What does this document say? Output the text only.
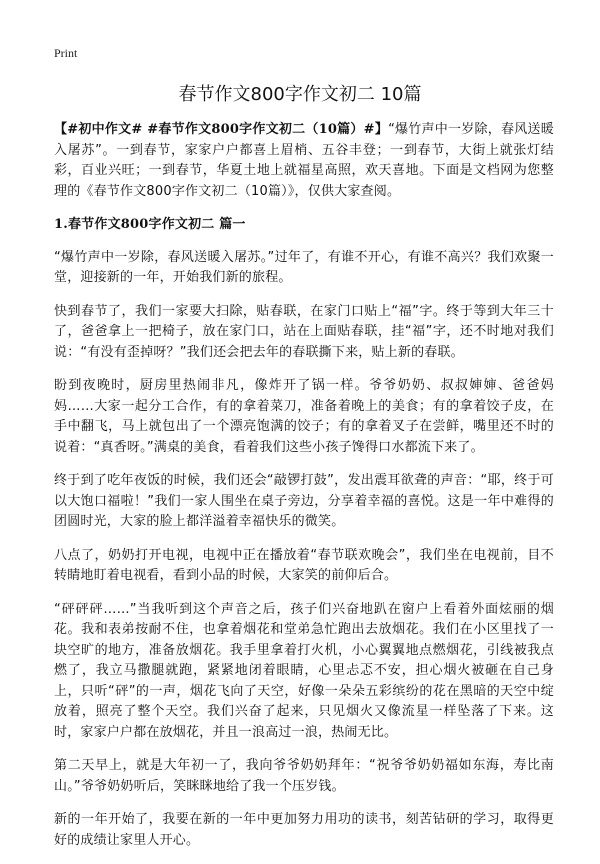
Print
春节作文800字作文初二 10篇

【#初中作文# #春节作文800字作文初二（10篇）#】“爆竹声中一岁除，春风送暖入屠苏”。一到春节，家家户户都喜上眉梢、五谷丰登；一到春节，大街上就张灯结彩，百业兴旺；一到春节，华夏土地上就福星高照，欢天喜地。下面是文档网为您整理的《春节作文800字作文初二（10篇）》，仅供大家查阅。

1.春节作文800字作文初二 篇一

“爆竹声中一岁除，春风送暖入屠苏。”过年了，有谁不开心，有谁不高兴？我们欢聚一堂，迎接新的一年，开始我们新的旅程。

快到春节了，我们一家要大扫除，贴春联，在家门口贴上“福”字。终于等到大年三十了，爸爸拿上一把椅子，放在家门口，站在上面贴春联，挂“福”字，还不时地对我们说：“有没有歪掉呀？”我们还会把去年的春联撕下来，贴上新的春联。

盼到夜晚时，厨房里热闹非凡，像炸开了锅一样。爷爷奶奶、叔叔婶婶、爸爸妈妈……大家一起分工合作，有的拿着菜刀，准备着晚上的美食；有的拿着饺子皮，在手中翻飞，马上就包出了一个漂亮饱满的饺子；有的拿着叉子在尝鲜，嘴里还不时的说着：“真香呀。”满桌的美食，看着我们这些小孩子馋得口水都流下来了。

终于到了吃年夜饭的时候，我们还会“敲锣打鼓”，发出震耳欲聋的声音：“耶，终于可以大饱口福啦！”我们一家人围坐在桌子旁边，分享着幸福的喜悦。这是一年中难得的团圆时光，大家的脸上都洋溢着幸福快乐的微笑。

八点了，奶奶打开电视，电视中正在播放着“春节联欢晚会”，我们坐在电视前，目不转睛地盯着电视看，看到小品的时候，大家笑的前仰后合。

“砰砰砰……”当我听到这个声音之后，孩子们兴奋地趴在窗户上看着外面炫丽的烟花。我和表弟按耐不住，也拿着烟花和堂弟急忙跑出去放烟花。我们在小区里找了一块空旷的地方，准备放烟花。我手里拿着打火机，小心翼翼地点燃烟花，引线被我点燃了，我立马撒腿就跑，紧紧地闭着眼睛，心里忐忑不安，担心烟火被砸在自己身上，只听“砰”的一声，烟花飞向了天空，好像一朵朵五彩缤纷的花在黑暗的天空中绽放着，照亮了整个天空。我们兴奋了起来，只见烟火又像流星一样坠落了下来。这时，家家户户都在放烟花，并且一浪高过一浪，热闹无比。

第二天早上，就是大年初一了，我向爷爷奶奶拜年：“祝爷爷奶奶福如东海，寿比南山。”爷爷奶奶听后，笑眯眯地给了我一个压岁钱。

新的一年开始了，我要在新的一年中更加努力用功的读书，刻苦钻研的学习，取得更好的成绩让家里人开心。
